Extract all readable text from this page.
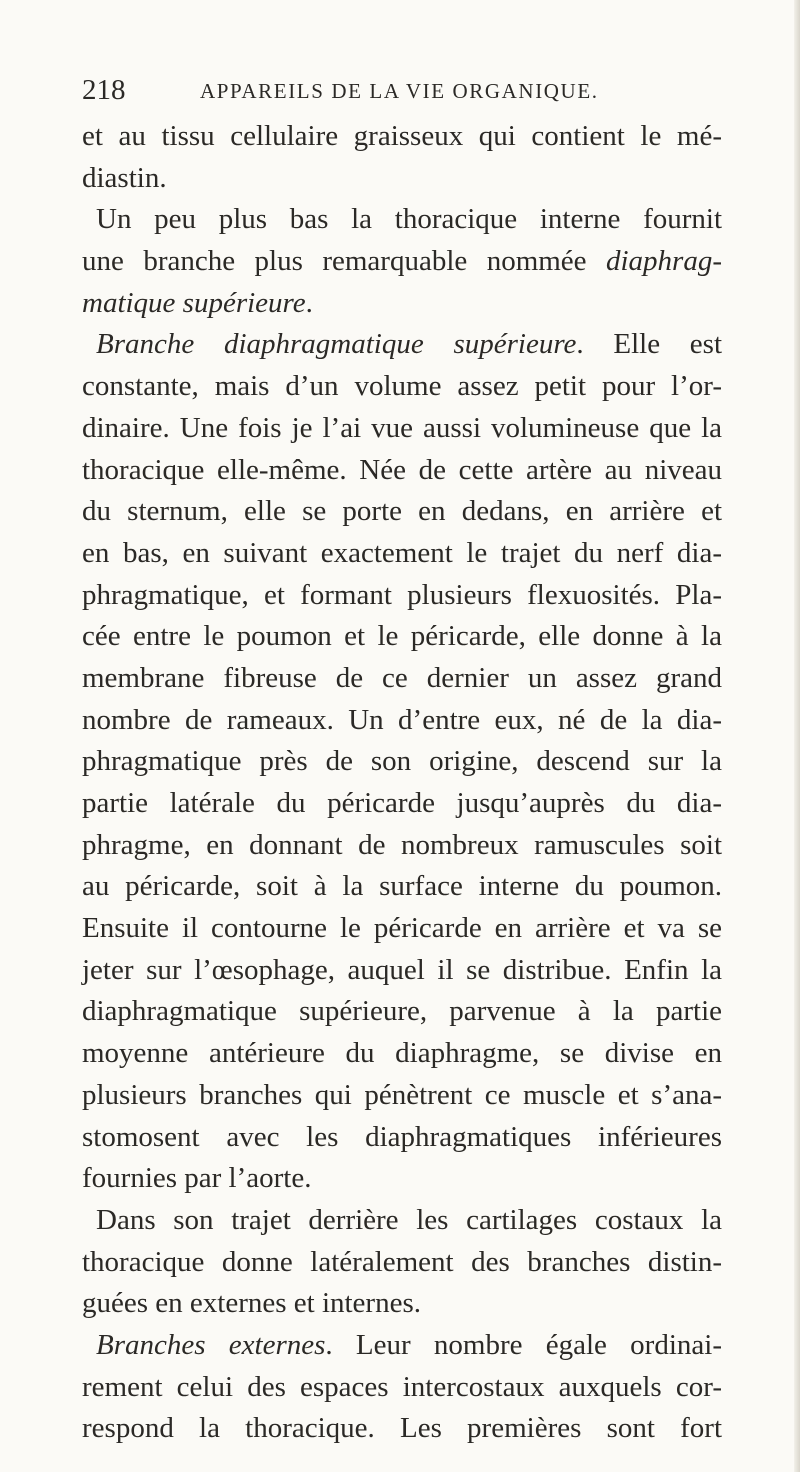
218	APPAREILS DE LA VIE ORGANIQUE.
et au tissu cellulaire graisseux qui contient le mé-
diastin.
Un peu plus bas la thoracique interne fournit
une branche plus remarquable nommée diaphrag-
matique supérieure.
Branche diaphragmatique supérieure. Elle est
constante, mais d’un volume assez petit pour l’or-
dinaire. Une fois je l’ai vue aussi volumineuse que la
thoracique elle-même. Née de cette artère au niveau
du sternum, elle se porte en dedans, en arrière et
en bas, en suivant exactement le trajet du nerf dia-
phragmatique, et formant plusieurs flexuosités. Pla-
cée entre le poumon et le péricarde, elle donne à la
membrane fibreuse de ce dernier un assez grand
nombre de rameaux. Un d’entre eux, né de la dia-
phragmatique près de son origine, descend sur la
partie latérale du péricarde jusqu’auprès du dia-
phragme, en donnant de nombreux ramuscules soit
au péricarde, soit à la surface interne du poumon.
Ensuite il contourne le péricarde en arrière et va se
jeter sur l’œsophage, auquel il se distribue. Enfin la
diaphragmatique supérieure, parvenue à la partie
moyenne antérieure du diaphragme, se divise en
plusieurs branches qui pénètrent ce muscle et s’ana-
stomosent avec les diaphragmatiques inférieures
fournies par l’aorte.
Dans son trajet derrière les cartilages costaux la
thoracique donne latéralement des branches distin-
guées en externes et internes.
Branches externes. Leur nombre égale ordinai-
rement celui des espaces intercostaux auxquels cor-
respond la thoracique. Les premières sont fort
